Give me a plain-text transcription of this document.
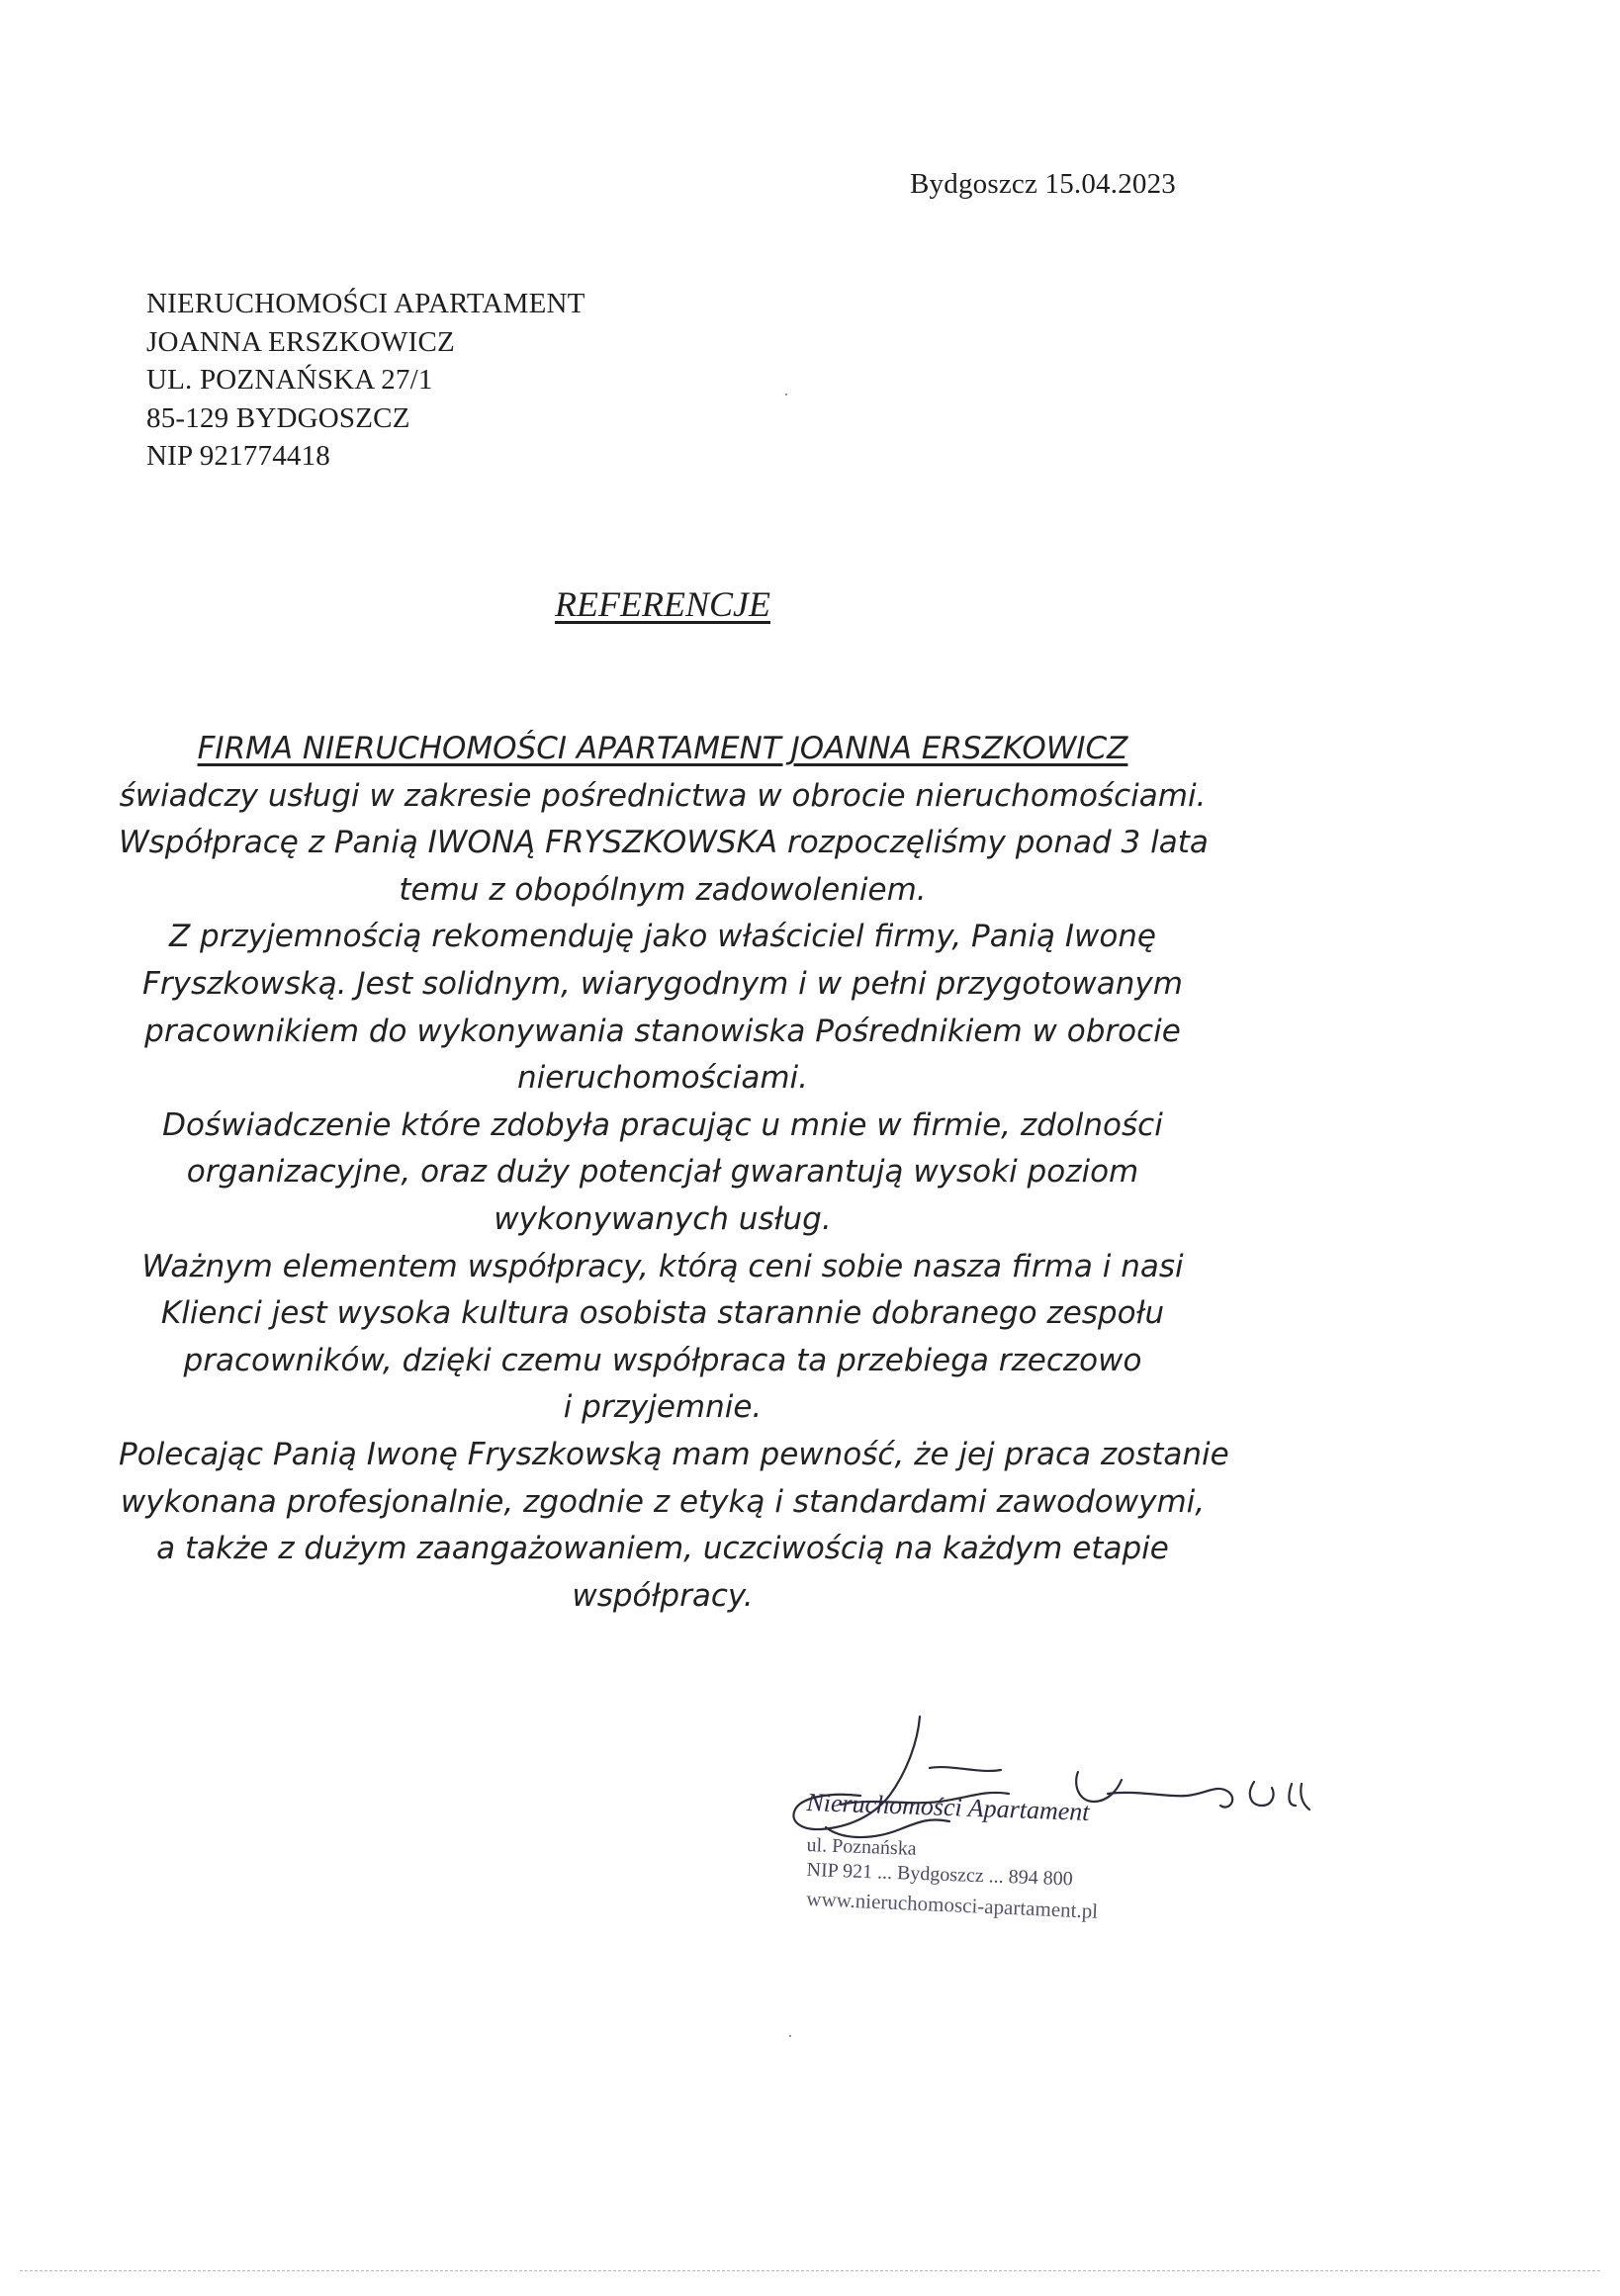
Bydgoszcz 15.04.2023
NIERUCHOMOŚCI APARTAMENT
JOANNA ERSZKOWICZ
UL. POZNAŃSKA 27/1
85-129 BYDGOSZCZ
NIP 921774418
REFERENCJE
FIRMA NIERUCHOMOŚCI APARTAMENT JOANNA ERSZKOWICZ
świadczy usługi w zakresie pośrednictwa w obrocie nieruchomościami.
Współpracę z Panią IWONĄ FRYSZKOWSKA rozpoczęliśmy ponad 3 lata
temu z obopólnym zadowoleniem.
Z przyjemnością rekomenduję jako właściciel firmy, Panią Iwonę
Fryszkowską. Jest solidnym, wiarygodnym i w pełni przygotowanym
pracownikiem do wykonywania stanowiska Pośrednikiem w obrocie
nieruchomościami.
Doświadczenie które zdobyła pracując u mnie w firmie, zdolności
organizacyjne, oraz duży potencjał gwarantują wysoki poziom
wykonywanych usług.
Ważnym elementem współpracy, którą ceni sobie nasza firma i nasi
Klienci jest wysoka kultura osobista starannie dobranego zespołu
pracowników, dzięki czemu współpraca ta przebiega rzeczowo
i przyjemnie.
Polecając Panią Iwonę Fryszkowską mam pewność, że jej praca zostanie
wykonana profesjonalnie, zgodnie z etyką i standardami zawodowymi,
a także z dużym zaangażowaniem, uczciwością na każdym etapie
współpracy.
Nieruchomości Apartament
ul. Poznańska
NIP 921 ... Bydgoszcz ... 894 800
www.nieruchomosci-apartament.pl
